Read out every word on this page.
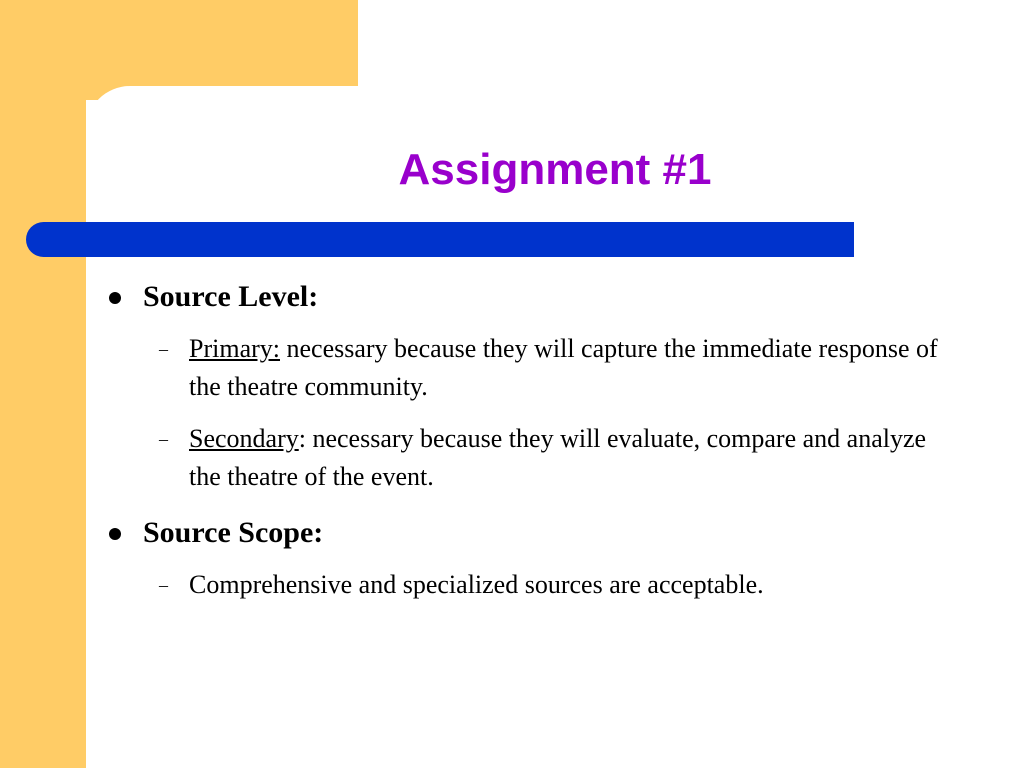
Assignment #1
Source Level:
– Primary: necessary because they will capture the immediate response of the theatre community.
– Secondary: necessary because they will evaluate, compare and analyze the theatre of the event.
Source Scope:
– Comprehensive and specialized sources are acceptable.
